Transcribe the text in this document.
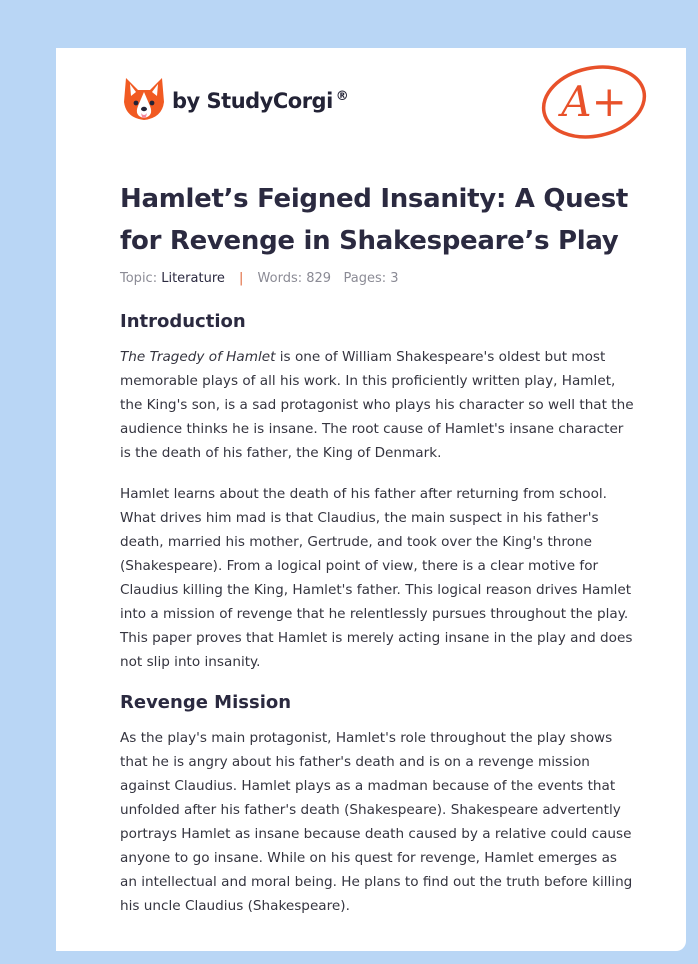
by StudyCorgi ®	A+
Hamlet’s Feigned Insanity: A Quest for Revenge in Shakespeare’s Play
Topic: Literature | Words: 829 Pages: 3
Introduction

The Tragedy of Hamlet is one of William Shakespeare's oldest but most memorable plays of all his work. In this proficiently written play, Hamlet, the King's son, is a sad protagonist who plays his character so well that the audience thinks he is insane. The root cause of Hamlet's insane character is the death of his father, the King of Denmark.

Hamlet learns about the death of his father after returning from school. What drives him mad is that Claudius, the main suspect in his father's death, married his mother, Gertrude, and took over the King's throne (Shakespeare). From a logical point of view, there is a clear motive for Claudius killing the King, Hamlet's father. This logical reason drives Hamlet into a mission of revenge that he relentlessly pursues throughout the play. This paper proves that Hamlet is merely acting insane in the play and does not slip into insanity.

Revenge Mission

As the play's main protagonist, Hamlet's role throughout the play shows that he is angry about his father's death and is on a revenge mission against Claudius. Hamlet plays as a madman because of the events that unfolded after his father's death (Shakespeare). Shakespeare advertently portrays Hamlet as insane because death caused by a relative could cause anyone to go insane. While on his quest for revenge, Hamlet emerges as an intellectual and moral being. He plans to find out the truth before killing his uncle Claudius (Shakespeare).
